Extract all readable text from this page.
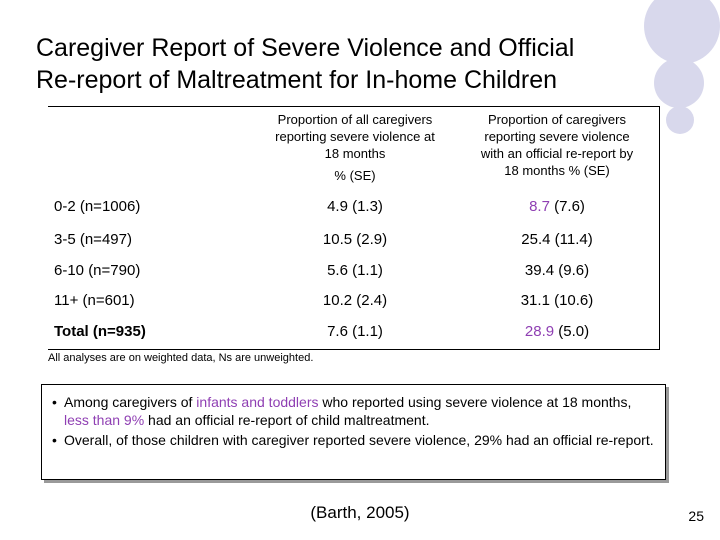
Caregiver Report of Severe Violence and Official
Re-report of Maltreatment for In-home Children
Proportion of all caregivers
reporting severe violence at
18 months
% (SE)
Proportion of caregivers
reporting severe violence
with an official re-report by
18 months % (SE)
0-2 (n=1006)	4.9 (1.3)	8.7 (7.6)
3-5 (n=497)	10.5 (2.9)	25.4 (11.4)
6-10 (n=790)	5.6 (1.1)	39.4 (9.6)
11+ (n=601)	10.2 (2.4)	31.1 (10.6)
Total (n=935)	7.6 (1.1)	28.9 (5.0)
All analyses are on weighted data, Ns are unweighted.
• Among caregivers of infants and toddlers who reported using severe violence at 18 months, less than 9% had an official re-report of child maltreatment.
• Overall, of those children with caregiver reported severe violence, 29% had an official re-report.
(Barth, 2005)	25
